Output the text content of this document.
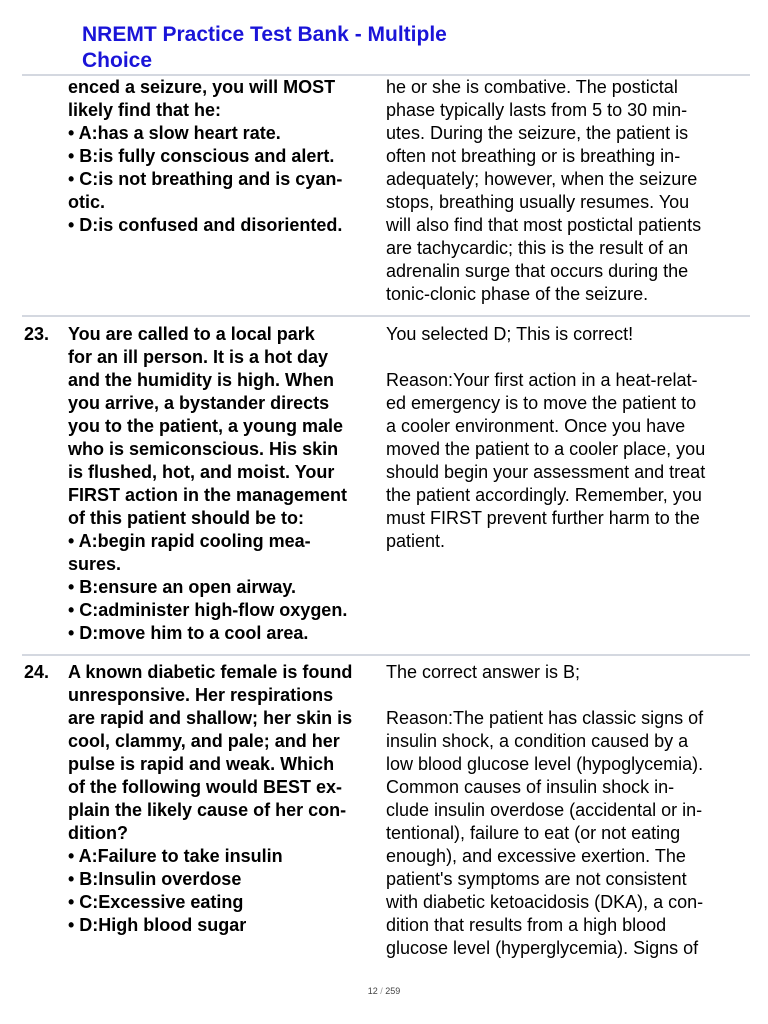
NREMT Practice Test Bank - Multiple
Choice
enced a seizure, you will MOST
likely find that he:
• A:has a slow heart rate.
• B:is fully conscious and alert.
• C:is not breathing and is cyan-
otic.
• D:is confused and disoriented.
he or she is combative. The postictal
phase typically lasts from 5 to 30 min-
utes. During the seizure, the patient is
often not breathing or is breathing in-
adequately; however, when the seizure
stops, breathing usually resumes. You
will also find that most postictal patients
are tachycardic; this is the result of an
adrenalin surge that occurs during the
tonic-clonic phase of the seizure.
23. You are called to a local park
for an ill person. It is a hot day
and the humidity is high. When
you arrive, a bystander directs
you to the patient, a young male
who is semiconscious. His skin
is flushed, hot, and moist. Your
FIRST action in the management
of this patient should be to:
• A:begin rapid cooling mea-
sures.
• B:ensure an open airway.
• C:administer high-flow oxygen.
• D:move him to a cool area.
You selected D; This is correct!
Reason:Your first action in a heat-relat-
ed emergency is to move the patient to
a cooler environment. Once you have
moved the patient to a cooler place, you
should begin your assessment and treat
the patient accordingly. Remember, you
must FIRST prevent further harm to the
patient.
24. A known diabetic female is found
unresponsive. Her respirations
are rapid and shallow; her skin is
cool, clammy, and pale; and her
pulse is rapid and weak. Which
of the following would BEST ex-
plain the likely cause of her con-
dition?
• A:Failure to take insulin
• B:Insulin overdose
• C:Excessive eating
• D:High blood sugar
The correct answer is B;
Reason:The patient has classic signs of
insulin shock, a condition caused by a
low blood glucose level (hypoglycemia).
Common causes of insulin shock in-
clude insulin overdose (accidental or in-
tentional), failure to eat (or not eating
enough), and excessive exertion. The
patient's symptoms are not consistent
with diabetic ketoacidosis (DKA), a con-
dition that results from a high blood
glucose level (hyperglycemia). Signs of
12 / 259
